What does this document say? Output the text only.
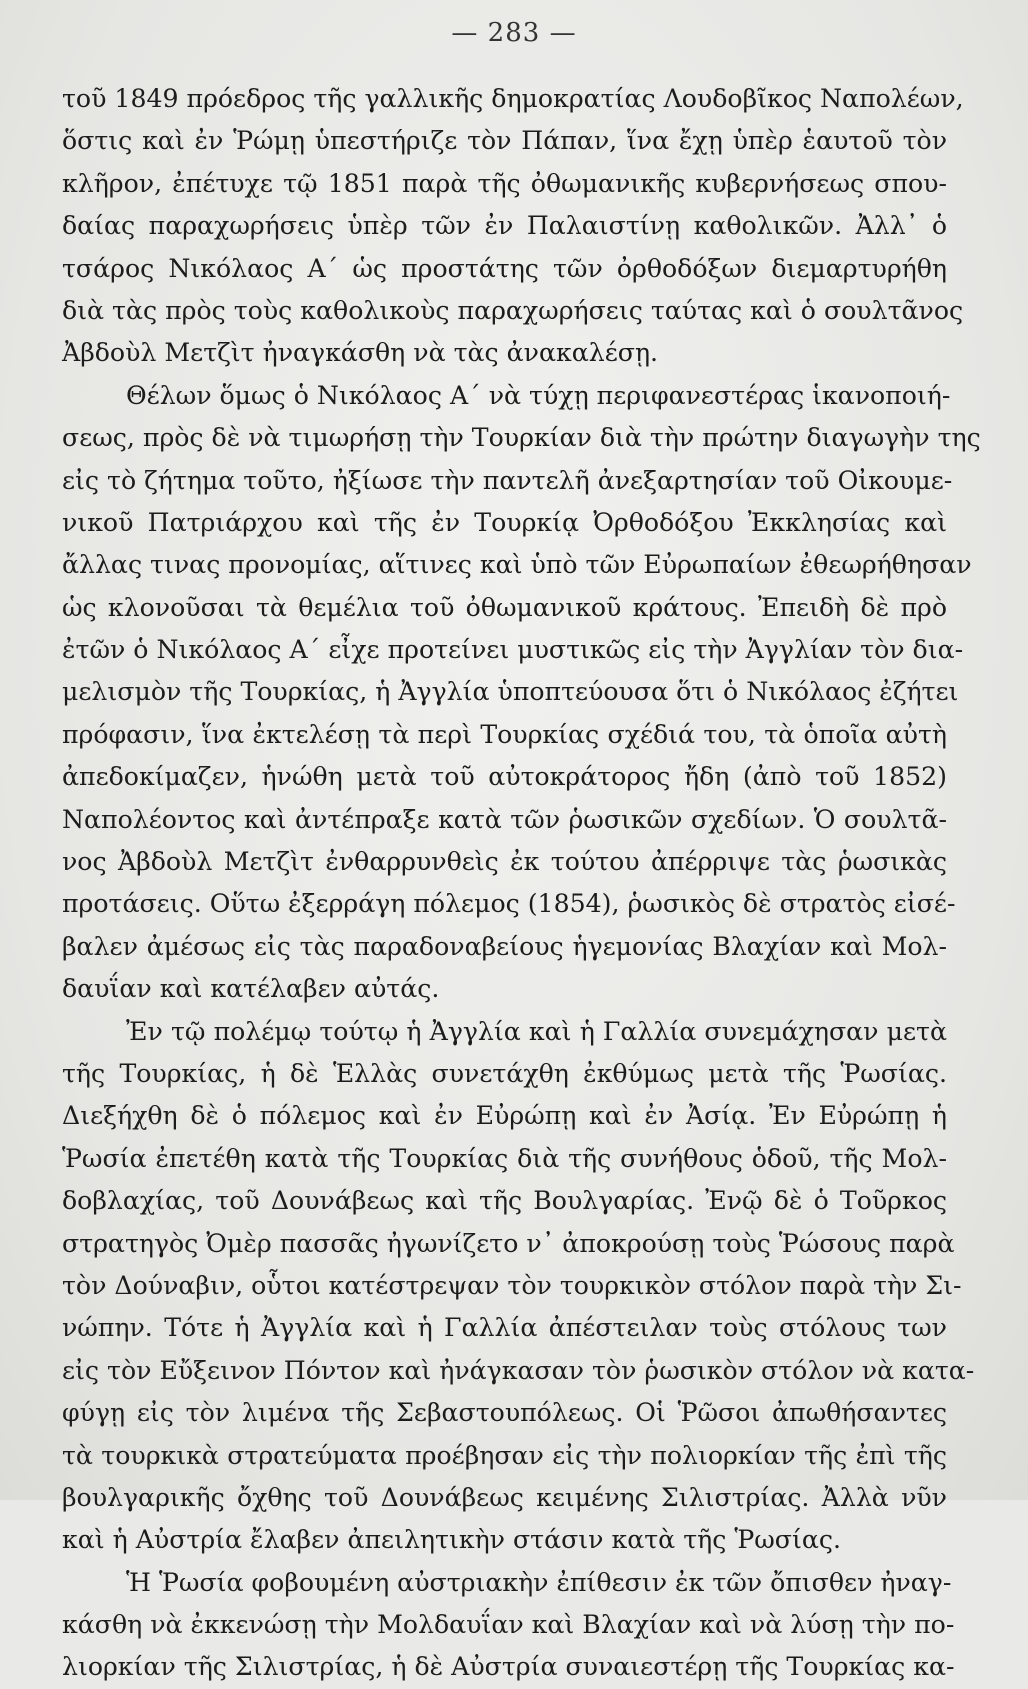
— 283 —
τοῦ 1849 πρόεδρος τῆς γαλλικῆς δημοκρατίας Λουδοβῖκος Ναπολέων,
ὅστις καὶ ἐν Ῥώμῃ ὑπεστήριζε τὸν Πάπαν, ἵνα ἔχῃ ὑπὲρ ἑαυτοῦ τὸν
κλῆρον, ἐπέτυχε τῷ 1851 παρὰ τῆς ὀθωμανικῆς κυβερνήσεως σπου-
δαίας παραχωρήσεις ὑπὲρ τῶν ἐν Παλαιστίνῃ καθολικῶν. Ἀλλ᾽ ὁ
τσάρος Νικόλαος Α΄ ὡς προστάτης τῶν ὀρθοδόξων διεμαρτυρήθη
διὰ τὰς πρὸς τοὺς καθολικοὺς παραχωρήσεις ταύτας καὶ ὁ σουλτᾶνος
Ἀβδοὺλ Μετζὶτ ἠναγκάσθη νὰ τὰς ἀνακαλέσῃ.
Θέλων ὅμως ὁ Νικόλαος Α΄ νὰ τύχῃ περιφανεστέρας ἱκανοποιή-
σεως, πρὸς δὲ νὰ τιμωρήσῃ τὴν Τουρκίαν διὰ τὴν πρώτην διαγωγὴν της
εἰς τὸ ζήτημα τοῦτο, ἠξίωσε τὴν παντελῆ ἀνεξαρτησίαν τοῦ Οἰκουμε-
νικοῦ Πατριάρχου καὶ τῆς ἐν Τουρκίᾳ Ὀρθοδόξου Ἐκκλησίας καὶ
ἄλλας τινας προνομίας, αἵτινες καὶ ὑπὸ τῶν Εὐρωπαίων ἐθεωρήθησαν
ὡς κλονοῦσαι τὰ θεμέλια τοῦ ὀθωμανικοῦ κράτους. Ἐπειδὴ δὲ πρὸ
ἐτῶν ὁ Νικόλαος Α΄ εἶχε προτείνει μυστικῶς εἰς τὴν Ἀγγλίαν τὸν δια-
μελισμὸν τῆς Τουρκίας, ἡ Ἀγγλία ὑποπτεύουσα ὅτι ὁ Νικόλαος ἐζήτει
πρόφασιν, ἵνα ἐκτελέσῃ τὰ περὶ Τουρκίας σχέδιά του, τὰ ὁποῖα αὐτὴ
ἀπεδοκίμαζεν, ἡνώθη μετὰ τοῦ αὐτοκράτορος ἤδη (ἀπὸ τοῦ 1852)
Ναπολέοντος καὶ ἀντέπραξε κατὰ τῶν ῥωσικῶν σχεδίων. Ὁ σουλτᾶ-
νος Ἀβδοὺλ Μετζὶτ ἐνθαρρυνθεὶς ἐκ τούτου ἀπέρριψε τὰς ῥωσικὰς
προτάσεις. Οὕτω ἐξερράγη πόλεμος (1854), ῥωσικὸς δὲ στρατὸς εἰσέ-
βαλεν ἀμέσως εἰς τὰς παραδοναβείους ἡγεμονίας Βλαχίαν καὶ Μολ-
δαυΐαν καὶ κατέλαβεν αὐτάς.
Ἐν τῷ πολέμῳ τούτῳ ἡ Ἀγγλία καὶ ἡ Γαλλία συνεμάχησαν μετὰ
τῆς Τουρκίας, ἡ δὲ Ἑλλὰς συνετάχθη ἐκθύμως μετὰ τῆς Ῥωσίας.
Διεξήχθη δὲ ὁ πόλεμος καὶ ἐν Εὐρώπῃ καὶ ἐν Ἀσίᾳ. Ἐν Εὐρώπῃ ἡ
Ῥωσία ἐπετέθη κατὰ τῆς Τουρκίας διὰ τῆς συνήθους ὁδοῦ, τῆς Μολ-
δοβλαχίας, τοῦ Δουνάβεως καὶ τῆς Βουλγαρίας. Ἐνῷ δὲ ὁ Τοῦρκος
στρατηγὸς Ὀμὲρ πασσᾶς ἠγωνίζετο ν᾽ ἀποκρούσῃ τοὺς Ῥώσους παρὰ
τὸν Δούναβιν, οὗτοι κατέστρεψαν τὸν τουρκικὸν στόλον παρὰ τὴν Σι-
νώπην. Τότε ἡ Ἀγγλία καὶ ἡ Γαλλία ἀπέστειλαν τοὺς στόλους των
εἰς τὸν Εὔξεινον Πόντον καὶ ἠνάγκασαν τὸν ῥωσικὸν στόλον νὰ κατα-
φύγῃ εἰς τὸν λιμένα τῆς Σεβαστουπόλεως. Οἱ Ῥῶσοι ἀπωθήσαντες
τὰ τουρκικὰ στρατεύματα προέβησαν εἰς τὴν πολιορκίαν τῆς ἐπὶ τῆς
βουλγαρικῆς ὄχθης τοῦ Δουνάβεως κειμένης Σιλιστρίας. Ἀλλὰ νῦν
καὶ ἡ Αὐστρία ἔλαβεν ἀπειλητικὴν στάσιν κατὰ τῆς Ῥωσίας.
Ἡ Ῥωσία φοβουμένη αὐστριακὴν ἐπίθεσιν ἐκ τῶν ὄπισθεν ἠναγ-
κάσθη νὰ ἐκκενώσῃ τὴν Μολδαυΐαν καὶ Βλαχίαν καὶ νὰ λύσῃ τὴν πο-
λιορκίαν τῆς Σιλιστρίας, ἡ δὲ Αὐστρία συναιεστέρῃ τῆς Τουρκίας κα-
